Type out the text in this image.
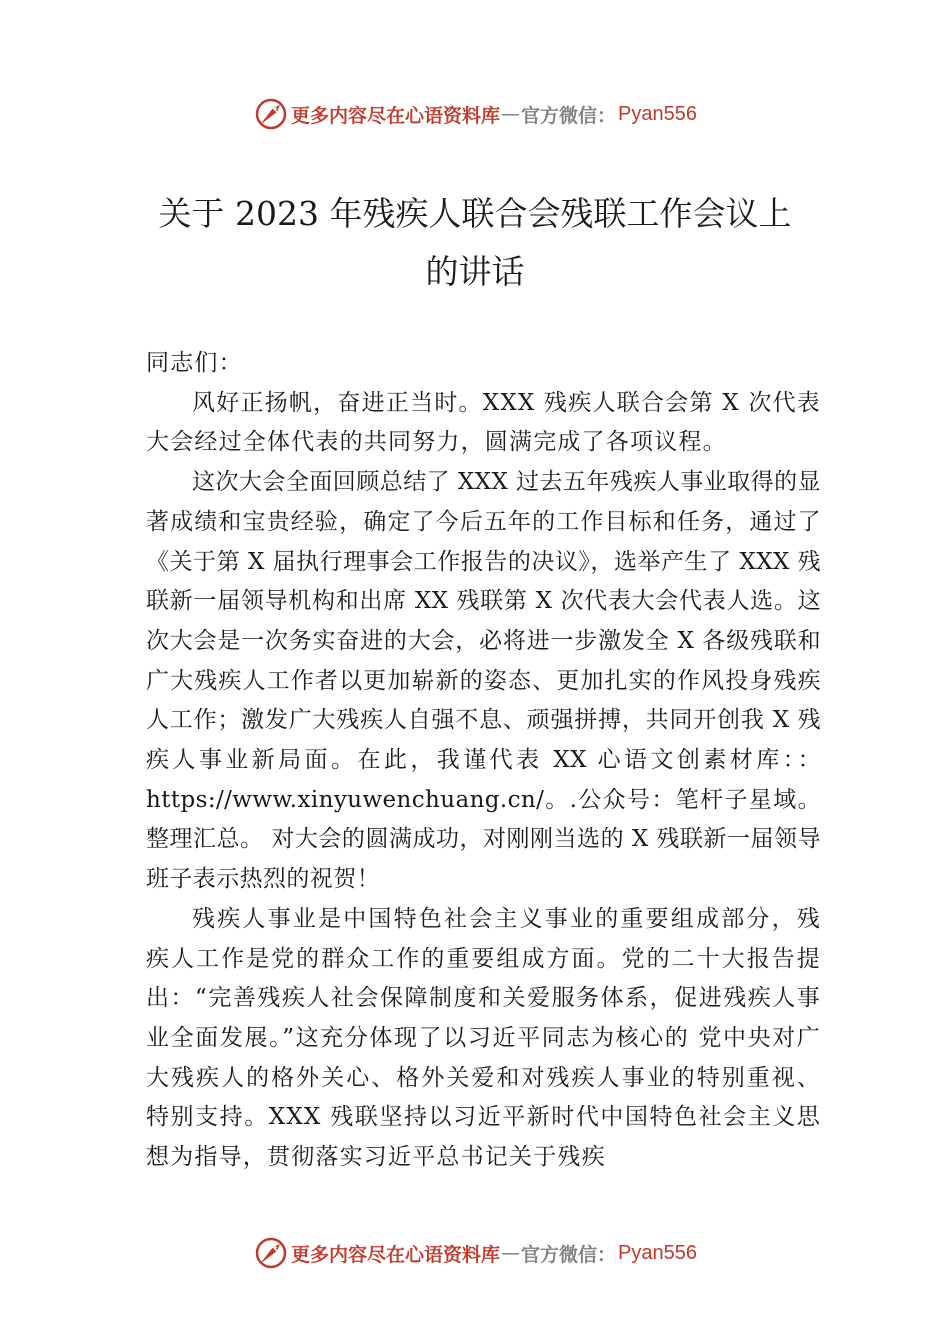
更多内容尽在心语资料库 — 官方微信： Pyan556
关于 2023 年残疾人联合会残联工作会议上
的讲话

同志们：

风好正扬帆，奋进正当时。XXX 残疾人联合会第 X 次代表大会经过全体代表的共同努力，圆满完成了各项议程。

这次大会全面回顾总结了 XXX 过去五年残疾人事业取得的显著成绩和宝贵经验，确定了今后五年的工作目标和任务，通过了《关于第 X 届执行理事会工作报告的决议》，选举产生了 XXX 残联新一届领导机构和出席 XX 残联第 X 次代表大会代表人选。这次大会是一次务实奋进的大会，必将进一步激发全 X 各级残联和广大残疾人工作者以更加崭新的姿态、更加扎实的作风投身残疾人工作；激发广大残疾人自强不息、顽强拼搏，共同开创我 X 残疾人事业新局面。在此，我谨代表 XX 心语文创素材库：：https://www.xinyuwenchuang.cn/。.公众号：笔杆子星域。整理汇总。 对大会的圆满成功，对刚刚当选的 X 残联新一届领导班子表示热烈的祝贺！

残疾人事业是中国特色社会主义事业的重要组成部分，残疾人工作是党的群众工作的重要组成方面。党的二十大报告提出：“完善残疾人社会保障制度和关爱服务体系，促进残疾人事业全面发展。”这充分体现了以习近平同志为核心的 党中央对广大残疾人的格外关心、格外关爱和对残疾人事业的特别重视、特别支持。XXX 残联坚持以习近平新时代中国特色社会主义思想为指导，贯彻落实习近平总书记关于残疾

更多内容尽在心语资料库 — 官方微信： Pyan556
